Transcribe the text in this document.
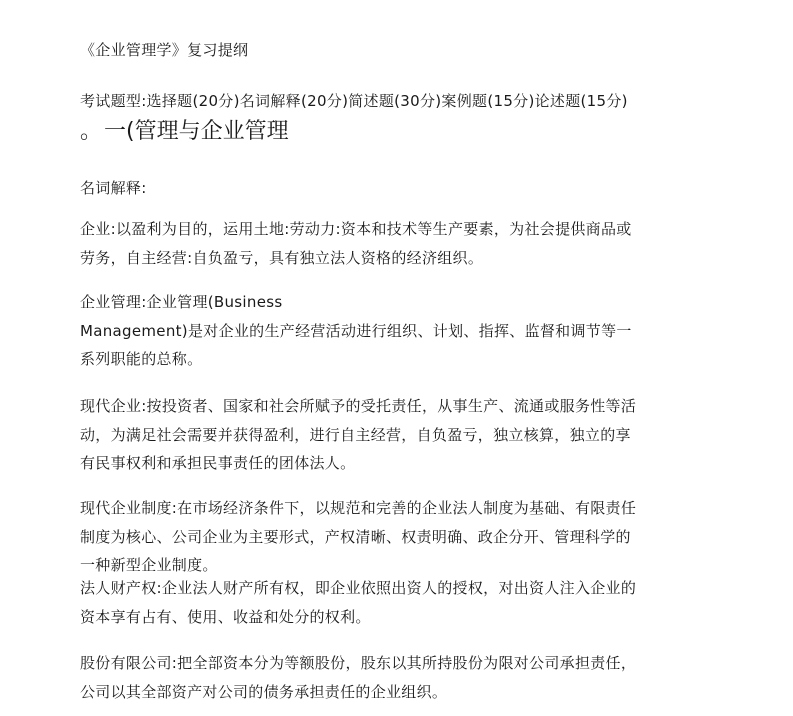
《企业管理学》复习提纲
考试题型:选择题(20分)名词解释(20分)简述题(30分)案例题(15分)论述题(15分)
。一(管理与企业管理
名词解释:
企业:以盈利为目的，运用土地:劳动力:资本和技术等生产要素，为社会提供商品或
劳务，自主经营:自负盈亏，具有独立法人资格的经济组织。
企业管理:企业管理(Business
Management)是对企业的生产经营活动进行组织、计划、指挥、监督和调节等一
系列职能的总称。
现代企业:按投资者、国家和社会所赋予的受托责任，从事生产、流通或服务性等活
动，为满足社会需要并获得盈利，进行自主经营，自负盈亏，独立核算，独立的享
有民事权利和承担民事责任的团体法人。
现代企业制度:在市场经济条件下，以规范和完善的企业法人制度为基础、有限责任
制度为核心、公司企业为主要形式，产权清晰、权责明确、政企分开、管理科学的
一种新型企业制度。
法人财产权:企业法人财产所有权，即企业依照出资人的授权，对出资人注入企业的
资本享有占有、使用、收益和处分的权利。
股份有限公司:把全部资本分为等额股份，股东以其所持股份为限对公司承担责任，
公司以其全部资产对公司的债务承担责任的企业组织。
